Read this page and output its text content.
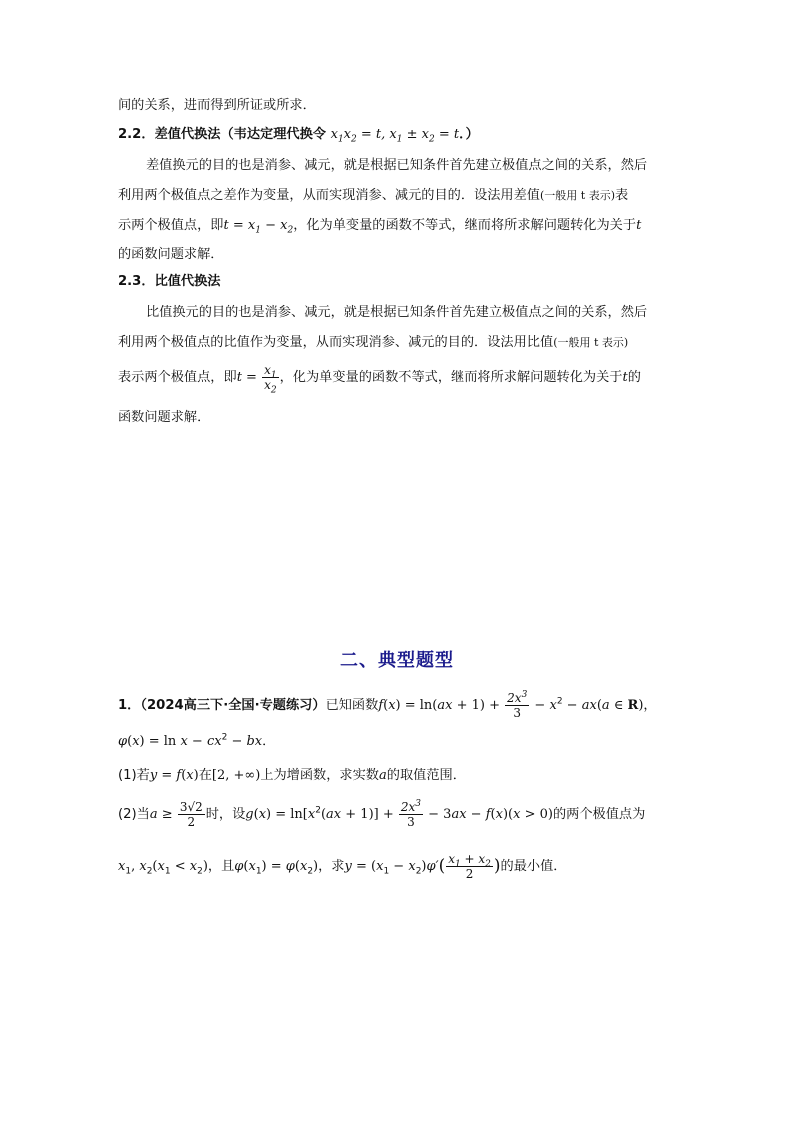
间的关系，进而得到所证或所求．
2.2．差值代换法（韦达定理代换令 $x_1x_2 = t$, $x_1 \pm x_2 = t$．）
差值换元的目的也是消参、减元，就是根据已知条件首先建立极值点之间的关系，然后
利用两个极值点之差作为变量，从而实现消参、减元的目的．设法用差值(一般用 t 表示)表
示两个极值点，即$t = x_1 - x_2$，化为单变量的函数不等式，继而将所求解问题转化为关于t
的函数问题求解．
2.3．比值代换法
比值换元的目的也是消参、减元，就是根据已知条件首先建立极值点之间的关系，然后
利用两个极值点的比值作为变量，从而实现消参、减元的目的．设法用比值(一般用 t 表示)
表示两个极值点，即$t = \frac{x_1}{x_2}$ ，化为单变量的函数不等式，继而将所求解问题转化为关于t的
函数问题求解．
二、典型题型
1．（2024高三下·全国·专题练习）已知函数$f(x) = \ln(ax + 1) + \frac{2x^3}{3} - x^2 - ax(a$ ∈ R)，
$\varphi(x) = \ln x - cx^2$ − bx．
(1)若y = f(x)在[2, +∞)上为增函数，求实数a的取值范围．
(2)当$a \ge \frac{3√2}{2}$ 时，设$g(x) = \ln[x^2(ax + 1)] + \frac{2x^3}{3} - 3ax - f(x)(x > 0)$的两个极值点为
$x_1$, $x_2(x_1 < x_2)$，且$\varphi(x_1) = \varphi(x_2)$，求$y = (x_1 - x_2)\varphi'( \frac{x_1 + x_2}{2}$ )的最小值．
